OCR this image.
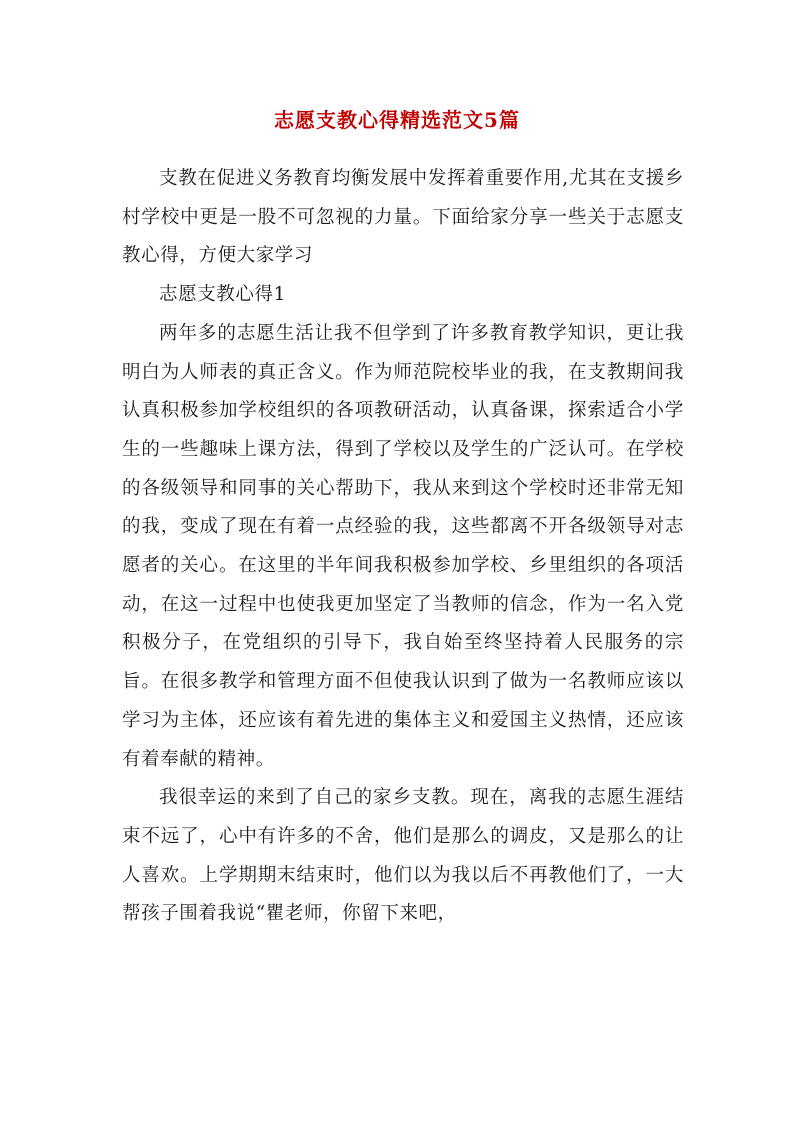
志愿支教心得精选范文5篇

支教在促进义务教育均衡发展中发挥着重要作用,尤其在支援乡村学校中更是一股不可忽视的力量。下面给家分享一些关于志愿支教心得，方便大家学习

志愿支教心得1

两年多的志愿生活让我不但学到了许多教育教学知识，更让我明白为人师表的真正含义。作为师范院校毕业的我，在支教期间我认真积极参加学校组织的各项教研活动，认真备课，探索适合小学生的一些趣味上课方法，得到了学校以及学生的广泛认可。在学校的各级领导和同事的关心帮助下，我从来到这个学校时还非常无知的我，变成了现在有着一点经验的我，这些都离不开各级领导对志愿者的关心。在这里的半年间我积极参加学校、乡里组织的各项活动，在这一过程中也使我更加坚定了当教师的信念，作为一名入党积极分子，在党组织的引导下，我自始至终坚持着人民服务的宗旨。在很多教学和管理方面不但使我认识到了做为一名教师应该以学习为主体，还应该有着先进的集体主义和爱国主义热情，还应该有着奉献的精神。

我很幸运的来到了自己的家乡支教。现在，离我的志愿生涯结束不远了，心中有许多的不舍，他们是那么的调皮，又是那么的让人喜欢。上学期期末结束时，他们以为我以后不再教他们了，一大帮孩子围着我说“瞿老师，你留下来吧，
